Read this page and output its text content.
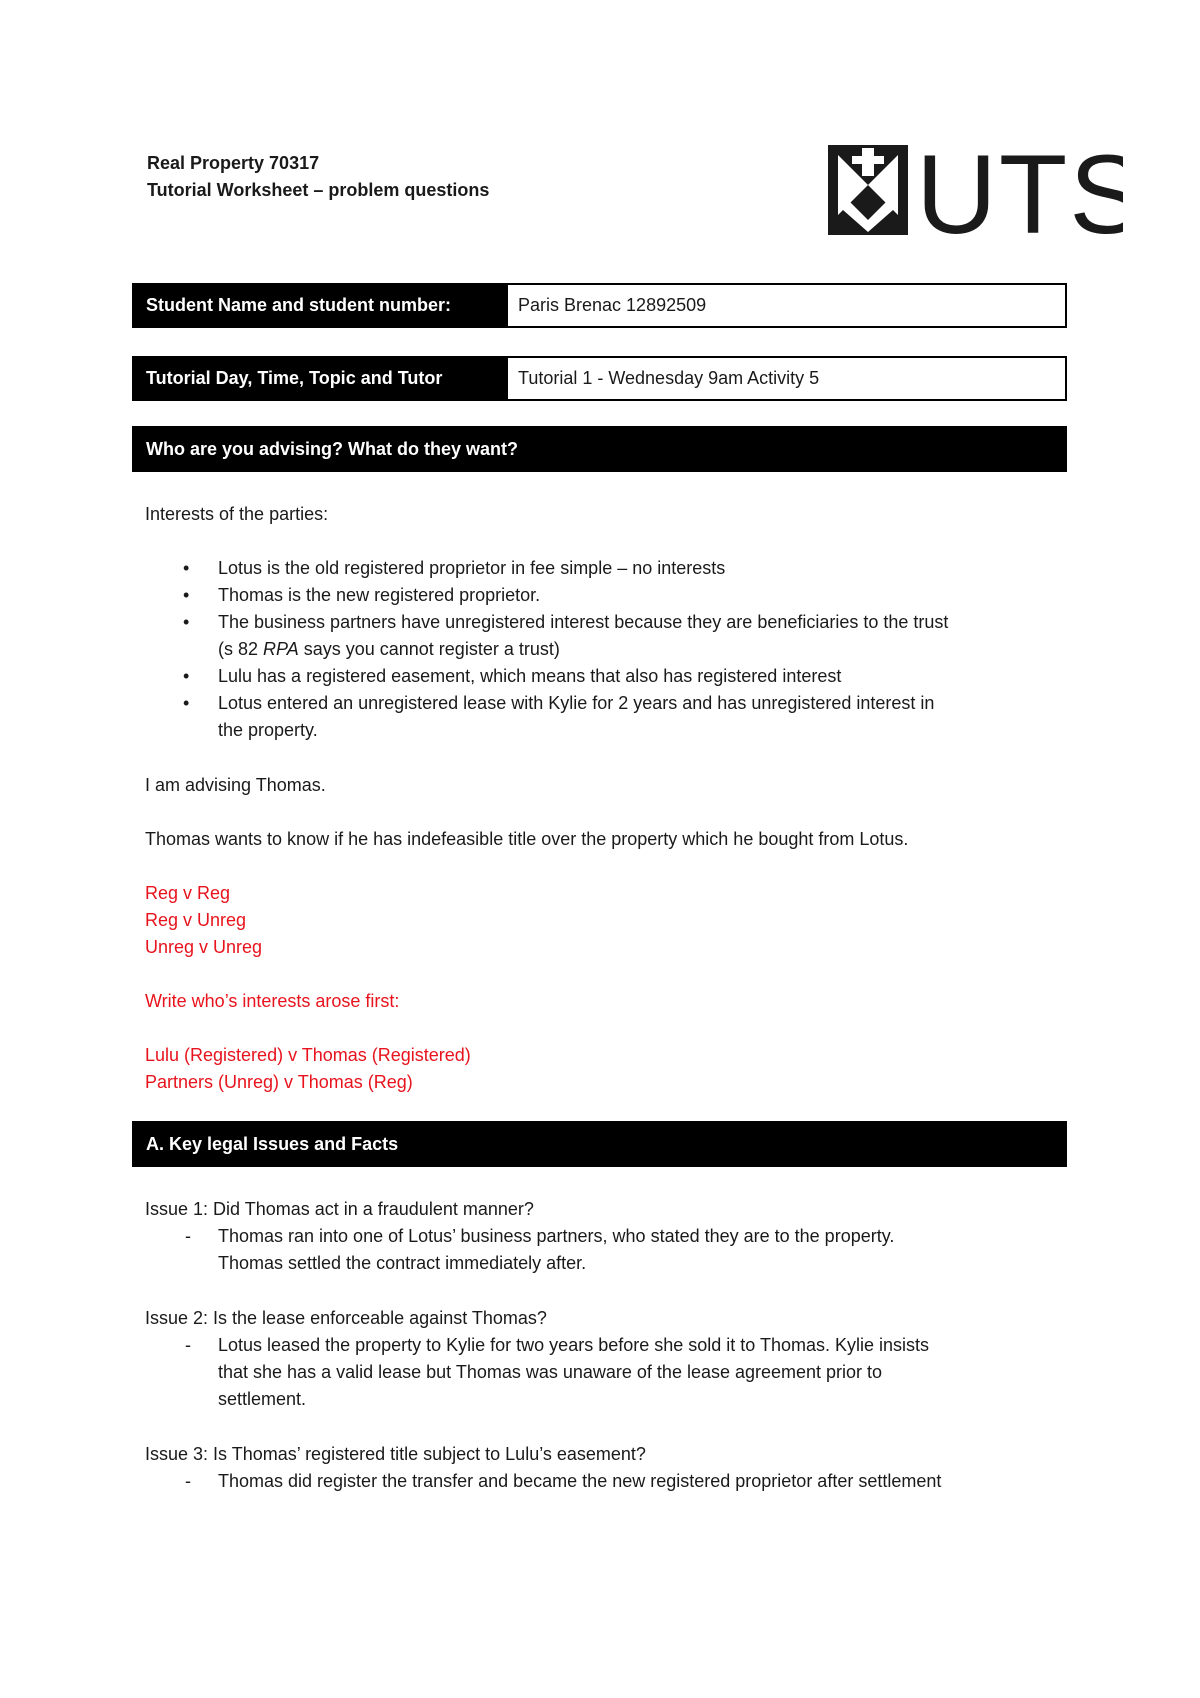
Real Property 70317
Tutorial Worksheet – problem questions	UTS
Student Name and student number:	Paris Brenac 12892509
Tutorial Day, Time, Topic and Tutor	Tutorial 1 - Wednesday 9am Activity 5
Who are you advising? What do they want?
Interests of the parties:
• Lotus is the old registered proprietor in fee simple – no interests
• Thomas is the new registered proprietor.
• The business partners have unregistered interest because they are beneficiaries to the trust
(s 82 RPA says you cannot register a trust)
• Lulu has a registered easement, which means that also has registered interest
• Lotus entered an unregistered lease with Kylie for 2 years and has unregistered interest in
the property.
I am advising Thomas.
Thomas wants to know if he has indefeasible title over the property which he bought from Lotus.
Reg v Reg
Reg v Unreg
Unreg v Unreg
Write who’s interests arose first:
Lulu (Registered) v Thomas (Registered)
Partners (Unreg) v Thomas (Reg)
A. Key legal Issues and Facts
Issue 1: Did Thomas act in a fraudulent manner?
- Thomas ran into one of Lotus’ business partners, who stated they are to the property.
Thomas settled the contract immediately after.
Issue 2: Is the lease enforceable against Thomas?
- Lotus leased the property to Kylie for two years before she sold it to Thomas. Kylie insists
that she has a valid lease but Thomas was unaware of the lease agreement prior to
settlement.
Issue 3: Is Thomas’ registered title subject to Lulu’s easement?
- Thomas did register the transfer and became the new registered proprietor after settlement
